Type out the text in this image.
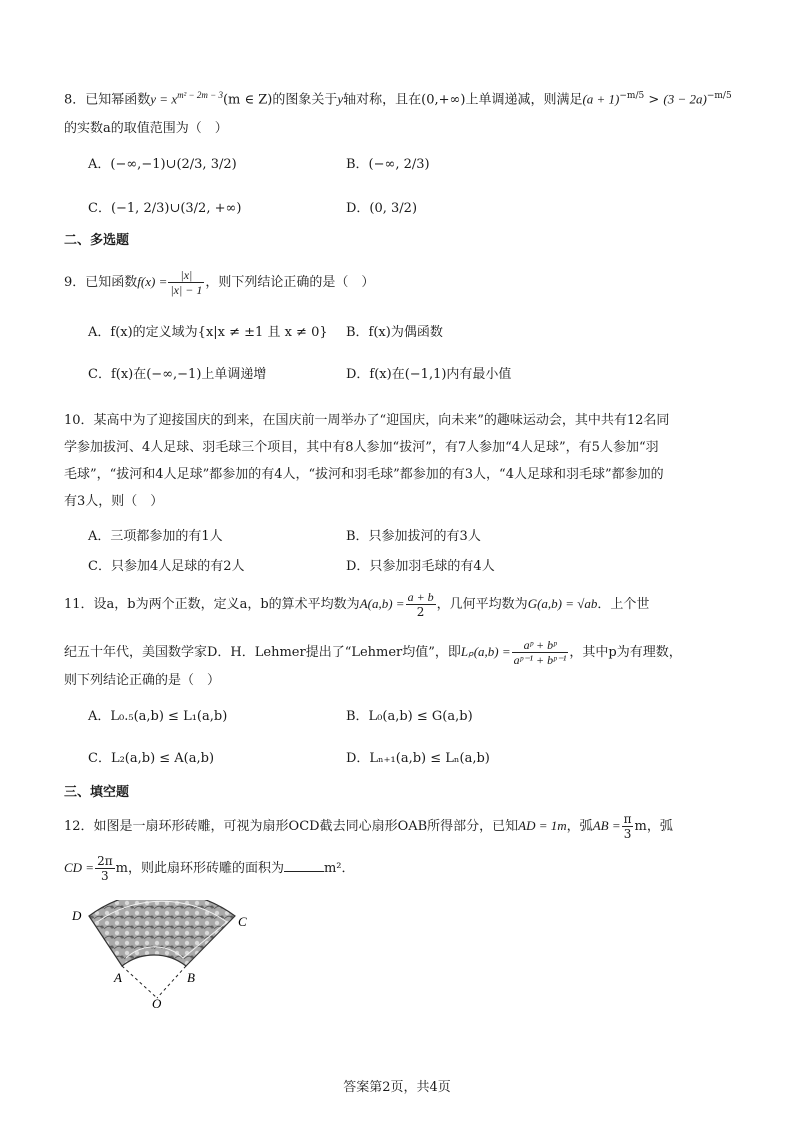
8．已知幂函数$y = x^{m^2 - 2m - 3}(m$ ∈ Z)的图象关于y轴对称，且在(0,+∞)上单调递减，则满足$(a + 1)^{-m/5} > (3 - 2a)^{-m/5}$
的实数a的取值范围为（　）
A．(−∞,−1)∪(2/3, 3/2)	B．(−∞, 2/3)
C．(−1, 2/3)∪(3/2, +∞)	D．(0, 3/2)
二、多选题
9．已知函数$f(x) = \frac{|x|}{|x| - 1}$ ，则下列结论正确的是（　）
A．f(x)的定义域为{x|x ≠ ±1 且 x ≠ 0} B．f(x)为偶函数
C．f(x)在(−∞,−1)上单调递增	D．f(x)在(−1,1)内有最小值
10．某高中为了迎接国庆的到来，在国庆前一周举办了“迎国庆，向未来”的趣味运动会，其中共有12名同
学参加拔河、4人足球、羽毛球三个项目，其中有8人参加“拔河”，有7人参加“4人足球”，有5人参加“羽
毛球”，“拔河和4人足球”都参加的有4人，“拔河和羽毛球”都参加的有3人，“4人足球和羽毛球”都参加的
有3人，则（　）
A．三项都参加的有1人	B．只参加拔河的有3人
C．只参加4人足球的有2人	D．只参加羽毛球的有4人
11．设a，b为两个正数，定义a，b的算术平均数为$A(a,b) = \frac{a + b}{2}$ ，几何平均数为G(a,b) = √ab．上个世
纪五十年代，美国数学家D．H．Lehmer提出了“Lehmer均值”，即$L_p(a,b) = \frac{\text{aᵖ + bᵖ}}{\text{aᵖ⁻¹ + bᵖ⁻¹}}$ ，其中p为有理数，
则下列结论正确的是（　）
A．L₀.₅(a,b) ≤ L₁(a,b)	B．L₀(a,b) ≤ G(a,b)
C．L₂(a,b) ≤ A(a,b)	D．Lₙ₊₁(a,b) ≤ Lₙ(a,b)
三、填空题
12．如图是一扇环形砖雕，可视为扇形OCD截去同心扇形OAB所得部分，已知AD = 1m，弧AB = $\frac{\pi}{3}$ m，弧
CD = $\frac{2\pi}{3}$ m，则此扇环形砖雕的面积为	m²．
D	C
A	B
O
答案第2页，共4页
